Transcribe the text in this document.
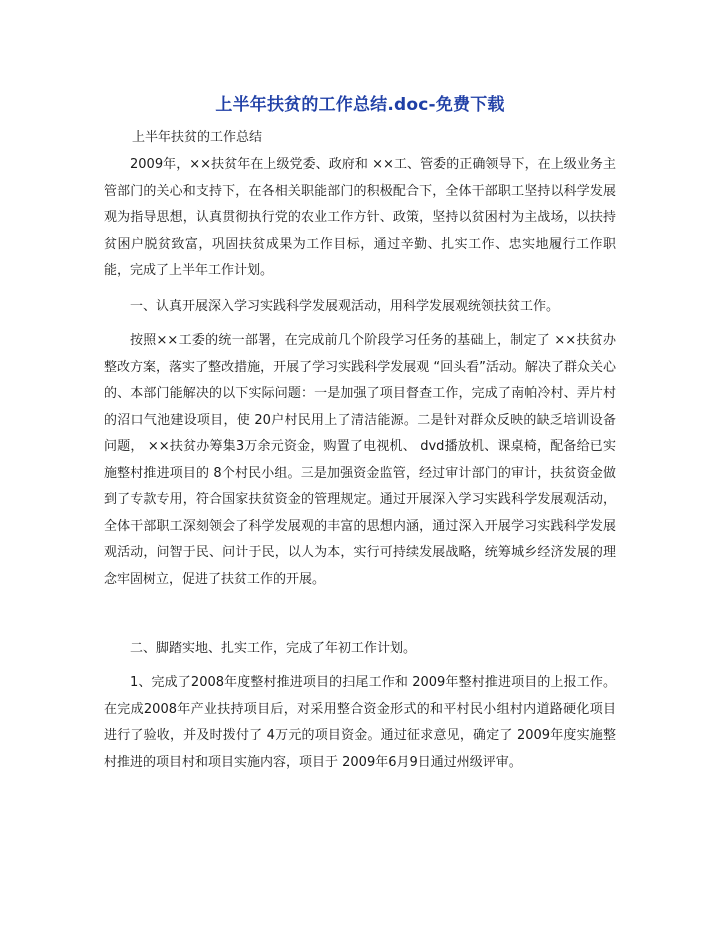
上半年扶贫的工作总结.doc-免费下载
上半年扶贫的工作总结

2009年，××扶贫年在上级党委、政府和 ××工、管委的正确领导下，在上级业务主管部门的关心和支持下，在各相关职能部门的积极配合下，全体干部职工坚持以科学发展观为指导思想，认真贯彻执行党的农业工作方针、政策，坚持以贫困村为主战场，以扶持贫困户脱贫致富，巩固扶贫成果为工作目标，通过辛勤、扎实工作、忠实地履行工作职能，完成了上半年工作计划。

一、认真开展深入学习实践科学发展观活动，用科学发展观统领扶贫工作。

按照××工委的统一部署，在完成前几个阶段学习任务的基础上，制定了 ××扶贫办整改方案，落实了整改措施，开展了学习实践科学发展观 “回头看”活动。解决了群众关心的、本部门能解决的以下实际问题：一是加强了项目督查工作，完成了南帕冷村、弄片村的沼口气池建设项目，使 20户村民用上了清洁能源。二是针对群众反映的缺乏培训设备问题， ××扶贫办筹集3万余元资金，购置了电视机、 dvd播放机、课桌椅，配备给已实施整村推进项目的 8个村民小组。三是加强资金监管，经过审计部门的审计，扶贫资金做到了专款专用，符合国家扶贫资金的管理规定。通过开展深入学习实践科学发展观活动，全体干部职工深刻领会了科学发展观的丰富的思想内涵，通过深入开展学习实践科学发展观活动，问智于民、问计于民，以人为本，实行可持续发展战略，统筹城乡经济发展的理念牢固树立，促进了扶贫工作的开展。

二、脚踏实地、扎实工作，完成了年初工作计划。

1、完成了2008年度整村推进项目的扫尾工作和 2009年整村推进项目的上报工作。在完成2008年产业扶持项目后，对采用整合资金形式的和平村民小组村内道路硬化项目进行了验收，并及时拨付了 4万元的项目资金。通过征求意见，确定了 2009年度实施整村推进的项目村和项目实施内容，项目于 2009年6月9日通过州级评审。
